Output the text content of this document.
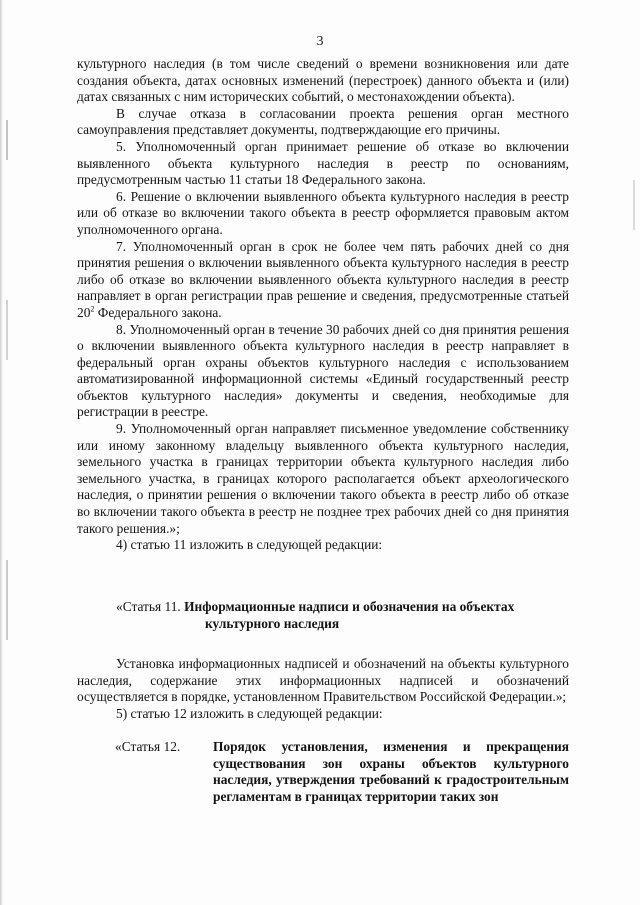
3

культурного наследия (в том числе сведений о времени возникновения или дате создания объекта, датах основных изменений (перестроек) данного объекта и (или) датах связанных с ним исторических событий, о местонахождении объекта).

В случае отказа в согласовании проекта решения орган местного самоуправления представляет документы, подтверждающие его причины.

5. Уполномоченный орган принимает решение об отказе во включении выявленного объекта культурного наследия в реестр по основаниям, предусмотренным частью 11 статьи 18 Федерального закона.

6. Решение о включении выявленного объекта культурного наследия в реестр или об отказе во включении такого объекта в реестр оформляется правовым актом уполномоченного органа.

7. Уполномоченный орган в срок не более чем пять рабочих дней со дня принятия решения о включении выявленного объекта культурного наследия в реестр либо об отказе во включении выявленного объекта культурного наследия в реестр направляет в орган регистрации прав решение и сведения, предусмотренные статьей $20^2$ Федерального закона.

8. Уполномоченный орган в течение 30 рабочих дней со дня принятия решения о включении выявленного объекта культурного наследия в реестр направляет в федеральный орган охраны объектов культурного наследия с использованием автоматизированной информационной системы «Единый государственный реестр объектов культурного наследия» документы и сведения, необходимые для регистрации в реестре.

9. Уполномоченный орган направляет письменное уведомление собственнику или иному законному владельцу выявленного объекта культурного наследия, земельного участка в границах территории объекта культурного наследия либо земельного участка, в границах которого располагается объект археологического наследия, о принятии решения о включении такого объекта в реестр либо об отказе во включении такого объекта в реестр не позднее трех рабочих дней со дня принятия такого решения.»;

4) статью 11 изложить в следующей редакции:

«Статья 11. Информационные надписи и обозначения на объектах
культурного наследия

Установка информационных надписей и обозначений на объекты культурного наследия, содержание этих информационных надписей и обозначений осуществляется в порядке, установленном Правительством Российской Федерации.»;

5) статью 12 изложить в следующей редакции:

«Статья 12.	Порядок установления, изменения и прекращения существования зон охраны объектов культурного наследия, утверждения требований к градостроительным регламентам в границах территории таких зон
